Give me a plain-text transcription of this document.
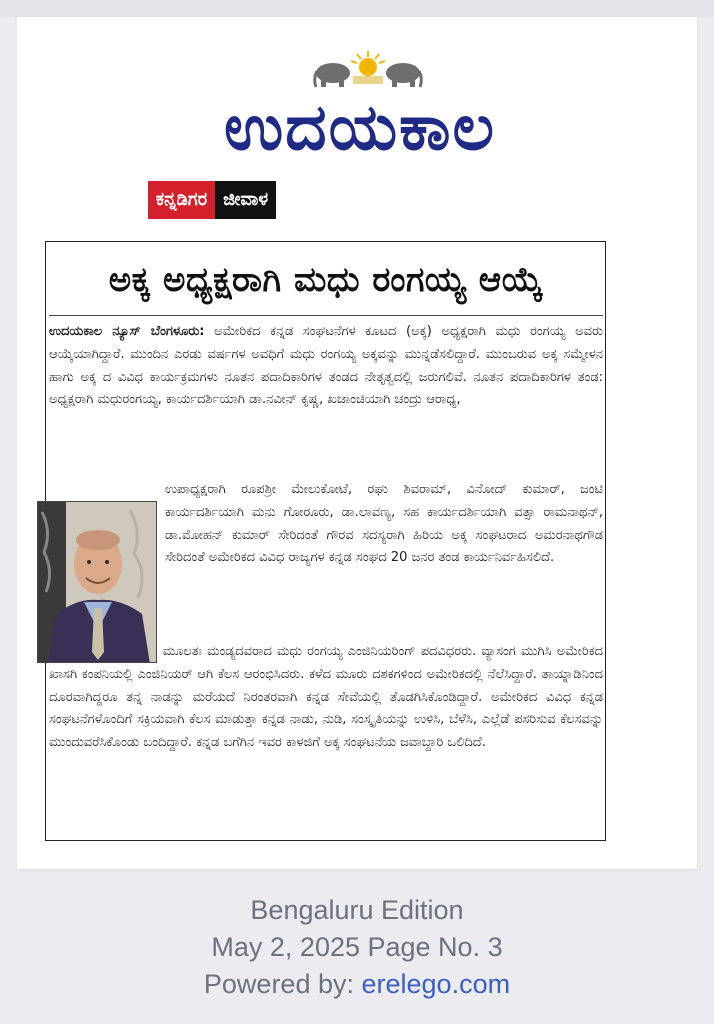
ಉದಯಕಾಲ
ಕನ್ನಡಿಗರ ಜೀವಾಳ
ಅಕ್ಕ ಅಧ್ಯಕ್ಷರಾಗಿ ಮಧು ರಂಗಯ್ಯ ಆಯ್ಕೆ
ಉದಯಕಾಲ ನ್ಯೂಸ್ ಬೆಂಗಳೂರು: ಅಮೇರಿಕದ ಕನ್ನಡ ಸಂಘಟನೆಗಳ ಕೂಟದ (ಅಕ್ಕ) ಅಧ್ಯಕ್ಷರಾಗಿ ಮಧು ರಂಗಯ್ಯ ಅವರು ಆಯ್ಕೆಯಾಗಿದ್ದಾರೆ. ಮುಂದಿನ ಎರಡು ವರ್ಷಗಳ ಅವಧಿಗೆ ಮಧು ರಂಗಯ್ಯ ಅಕ್ಕವನ್ನು ಮುನ್ನಡೆಸಲಿದ್ದಾರೆ. ಮುಂಬರುವ ಅಕ್ಕ ಸಮ್ಮೇಳನ ಹಾಗು ಅಕ್ಕ ದ ವಿವಿಧ ಕಾರ್ಯಕ್ರಮಗಳು ನೂತನ ಪದಾದಿಕಾರಿಗಳ ತಂಡದ ನೇತೃತ್ವದಲ್ಲಿ ಜರುಗಲಿವೆ. ನೂತನ ಪದಾದಿಕಾರಿಗಳ ತಂಡ: ಅಧ್ಯಕ್ಷರಾಗಿ ಮಧುರಂಗಯ್ಯ, ಕಾರ್ಯದರ್ಶಿಯಾಗಿ ಡಾ.ನವೀನ್ ಕೃಷ್ಣ, ಖಜಾಂಚಿಯಾಗಿ ಚಂದ್ರು ಆರಾಧ್ಯ,
ಉಪಾಧ್ಯಕ್ಷರಾಗಿ ರೂಪಶ್ರೀ ಮೇಲುಕೋಟೆ, ರಘು ಶಿವರಾಮ್, ವಿನೋದ್ ಕುಮಾರ್, ಜಂಟಿ ಕಾರ್ಯದರ್ಶಿಯಾಗಿ ಮನು ಗೋರೂರು, ಡಾ.ಲಾವಣ್ಯ, ಸಹ ಕಾರ್ಯದರ್ಶಿಯಾಗಿ ವತ್ಸಾ ರಾಮನಾಥನ್, ಡಾ.ಮೋಹನ್ ಕುಮಾರ್ ಸೇರಿದಂತೆ ಗೌರವ ಸದಸ್ಯರಾಗಿ ಹಿರಿಯ ಅಕ್ಕ ಸಂಘಟರಾದ ಅಮರನಾಥಗೌಡ ಸೇರಿದಂತೆ ಅಮೇರಿಕದ ವಿವಿಧ ರಾಜ್ಯಗಳ ಕನ್ನಡ ಸಂಘದ 20 ಜನರ ತಂಡ ಕಾರ್ಯನಿರ್ವಹಿಸಲಿದೆ.
ಮೂಲತಃ ಮಂಡ್ಯದವರಾದ ಮಧು ರಂಗಯ್ಯ ಎಂಜಿನಿಯರಿಂಗ್ ಪದವಿಧರರು. ವ್ಯಾಸಂಗ ಮುಗಿಸಿ ಅಮೇರಿಕದ ಖಾಸಗಿ ಕಂಪನಿಯಲ್ಲಿ ಎಂಜಿನಿಯರ್ ಆಗಿ ಕೆಲಸ ಆರಂಭಿಸಿದರು. ಕಳೆದ ಮೂರು ದಶಕಗಳಿಂದ ಅಮೇರಿಕದಲ್ಲಿ ನೆಲೆಸಿದ್ದಾರೆ. ತಾಯ್ನಾಡಿನಿಂದ ದೂರವಾಗಿದ್ದರೂ ತನ್ನ ನಾಡನ್ನು ಮರೆಯದೆ ನಿರಂತರವಾಗಿ ಕನ್ನಡ ಸೇವೆಯಲ್ಲಿ ತೊಡಗಿಸಿಕೊಂಡಿದ್ದಾರೆ. ಅಮೇರಿಕದ ವಿವಿಧ ಕನ್ನಡ ಸಂಘಟನೆಗಳೊಂದಿಗೆ ಸಕ್ರಿಯವಾಗಿ ಕೆಲಸ ಮಾಡುತ್ತಾ ಕನ್ನಡ ನಾಡು, ನುಡಿ, ಸಂಸ್ಕೃತಿಯನ್ನು ಉಳಿಸಿ, ಬೆಳೆಸಿ, ಎಲ್ಲೆಡೆ ಪಸರಿಸುವ ಕೆಲಸವನ್ನು ಮುಂದುವರೆಸಿಕೊಂಡು ಬಂದಿದ್ದಾರೆ. ಕನ್ನಡ ಬಗೆಗಿನ ಇವರ ಕಾಳಜಿಗೆ ಅಕ್ಕ ಸಂಘಟನೆಯ ಜವಾಬ್ದಾರಿ ಒಲಿದಿದೆ.
Bengaluru Edition
May 2, 2025 Page No. 3
Powered by: erelego.com
